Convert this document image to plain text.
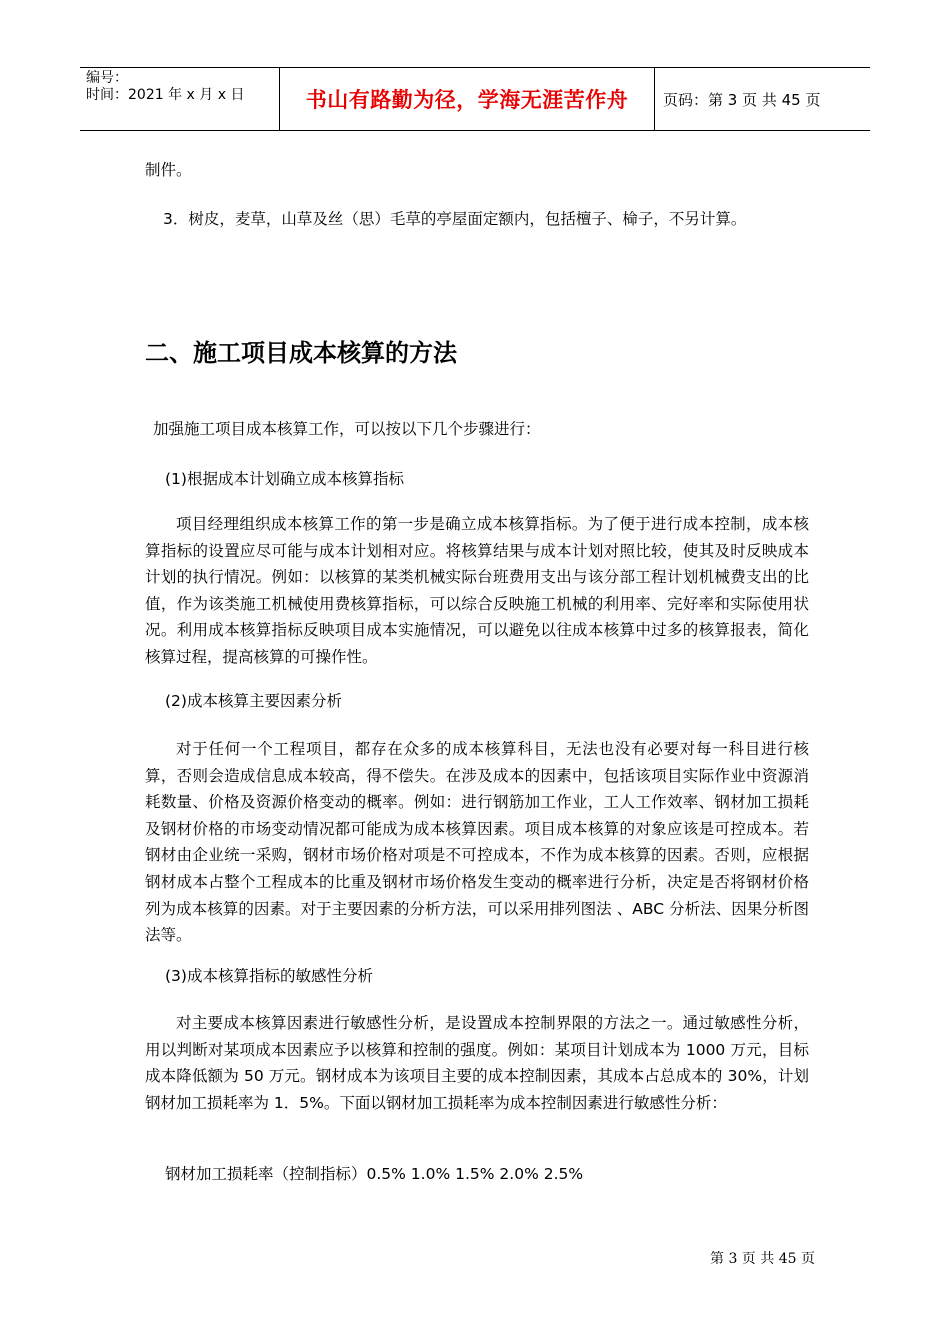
编号：
时间：2021 年 x 月 x 日	书山有路勤为径，学海无涯苦作舟 页码：第 3 页 共 45 页
制件。
3．树皮，麦草，山草及丝（思）毛草的亭屋面定额内，包括檀子、椧子，不另计算。
二、施工项目成本核算的方法
加强施工项目成本核算工作，可以按以下几个步骤进行：
(1)根据成本计划确立成本核算指标

项目经理组织成本核算工作的第一步是确立成本核算指标。为了便于进行成本控制，成本核算指标的设置应尽可能与成本计划相对应。将核算结果与成本计划对照比较，使其及时反映成本计划的执行情况。例如：以核算的某类机械实际台班费用支出与该分部工程计划机械费支出的比值，作为该类施工机械使用费核算指标，可以综合反映施工机械的利用率、完好率和实际使用状况。利用成本核算指标反映项目成本实施情况，可以避免以往成本核算中过多的核算报表，简化核算过程，提高核算的可操作性。

(2)成本核算主要因素分析

对于任何一个工程项目，都存在众多的成本核算科目，无法也没有必要对每一科目进行核算，否则会造成信息成本较高，得不偿失。在涉及成本的因素中，包括该项目实际作业中资源消耗数量、价格及资源价格变动的概率。例如：进行钢筋加工作业，工人工作效率、钢材加工损耗及钢材价格的市场变动情况都可能成为成本核算因素。项目成本核算的对象应该是可控成本。若钢材由企业统一采购，钢材市场价格对项是不可控成本，不作为成本核算的因素。否则，应根据钢材成本占整个工程成本的比重及钢材市场价格发生变动的概率进行分析，决定是否将钢材价格列为成本核算的因素。对于主要因素的分析方法，可以采用排列图法 、ABC 分析法、因果分析图法等。

(3)成本核算指标的敏感性分析

对主要成本核算因素进行敏感性分析，是设置成本控制界限的方法之一。通过敏感性分析，用以判断对某项成本因素应予以核算和控制的强度。例如：某项目计划成本为 1000 万元，目标成本降低额为 50 万元。钢材成本为该项目主要的成本控制因素，其成本占总成本的 30%，计划钢材加工损耗率为 1．5%。下面以钢材加工损耗率为成本控制因素进行敏感性分析：

钢材加工损耗率（控制指标）0.5% 1.0% 1.5% 2.0% 2.5%
第 3 页 共 45 页
